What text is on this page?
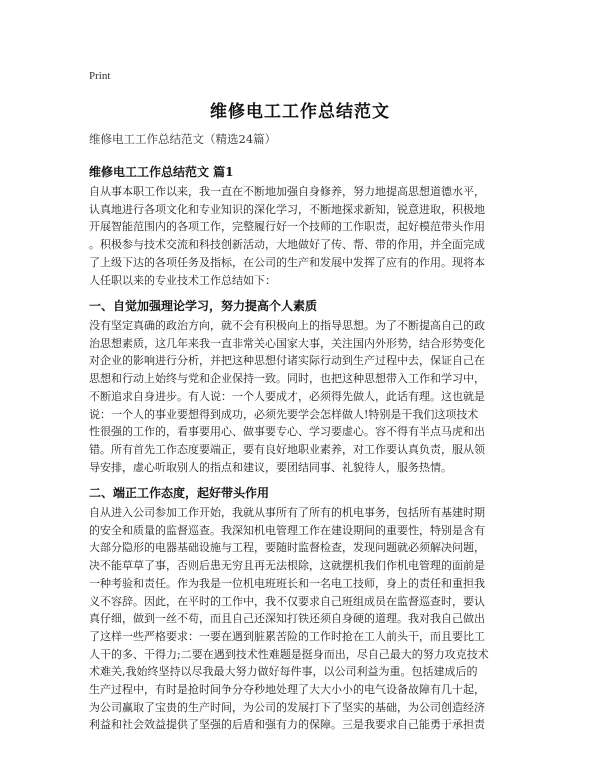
Print
维修电工工作总结范文
维修电工工作总结范文（精选24篇）
维修电工工作总结范文 篇1

自从事本职工作以来，我一直在不断地加强自身修养，努力地提高思想道德水平，
认真地进行各项文化和专业知识的深化学习，不断地探求新知，锐意进取，积极地
开展智能范围内的各项工作，完整履行好一个技师的工作职责，起好模范带头作用
。积极参与技术交流和科技创新活动，大地做好了传、帮、带的作用，并全面完成
了上级下达的各项任务及指标，在公司的生产和发展中发挥了应有的作用。现将本
人任职以来的专业技术工作总结如下：

一、自觉加强理论学习，努力提高个人素质

没有坚定真确的政治方向，就不会有积极向上的指导思想。为了不断提高自己的政
治思想素质，这几年来我一直非常关心国家大事，关注国内外形势，结合形势变化
对企业的影响进行分析，并把这种思想付诸实际行动到生产过程中去，保证自己在
思想和行动上始终与党和企业保持一致。同时，也把这种思想带入工作和学习中，
不断追求自身进步。有人说：一个人要成才，必须得先做人，此话有理。这也就是
说：一个人的事业要想得到成功，必须先要学会怎样做人!特别是干我们这项技术
性很强的工作的，看事要用心、做事要专心、学习要虚心。容不得有半点马虎和出
错。所有首先工作态度要端正，要有良好地职业素养，对工作要认真负责，服从领
导安排，虚心听取别人的指点和建议，要团结同事、礼貌待人，服务热情。

二、端正工作态度，起好带头作用

自从进入公司参加工作开始，我就从事所有了所有的机电事务，包括所有基建时期
的安全和质量的监督巡查。我深知机电管理工作在建设期间的重要性，特别是含有
大部分隐形的电器基础设施与工程，要随时监督检查，发现问题就必须解决问题，
决不能草草了事，否则后患无穷且再无法根除，这就摆机我们作机电管理的面前是
一种考验和责任。作为我是一位机电班班长和一名电工技师，身上的责任和重担我
义不容辞。因此，在平时的工作中，我不仅要求自己班组成员在监督巡查时，要认
真仔细，做到一丝不苟，而且自己还深知打铁还须自身硬的道理。我对我自己做出
了这样一些严格要求：一要在遇到脏累苦险的工作时抢在工人前头干，而且要比工
人干的多、干得力;二要在遇到技术性难题是挺身而出，尽自己最大的努力攻克技术
术难关,我始终坚持以尽我最大努力做好每件事，以公司利益为重。包括建成后的
生产过程中，有时是抢时间争分夺秒地处理了大大小小的电气设备故障有几十起，
为公司赢取了宝贵的生产时间，为公司的发展打下了坚实的基础，为公司创造经济
利益和社会效益提供了坚强的后盾和强有力的保障。三是我要求自己能勇于承担责
